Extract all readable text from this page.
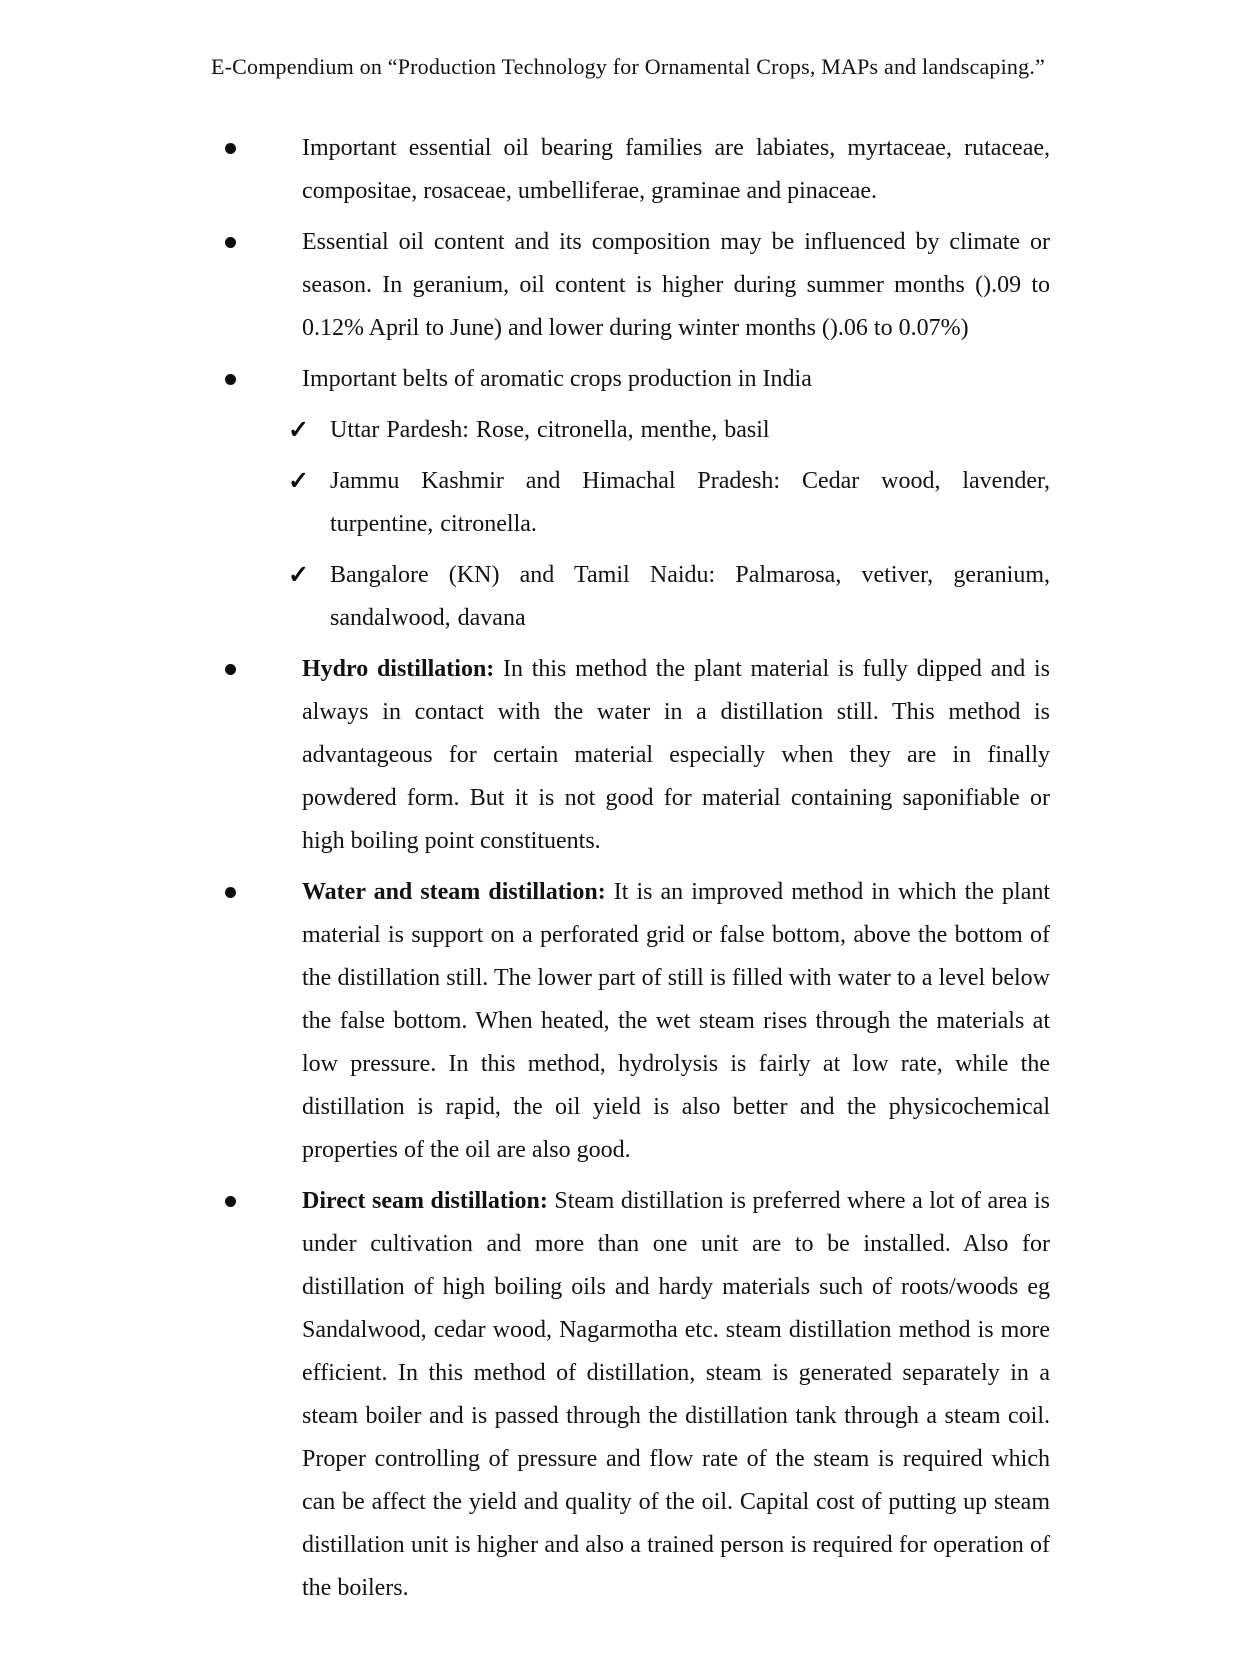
E-Compendium on “Production Technology for Ornamental Crops, MAPs and landscaping.”

Important essential oil bearing families are labiates, myrtaceae, rutaceae, compositae, rosaceae, umbelliferae, graminae and pinaceae.

Essential oil content and its composition may be influenced by climate or season. In geranium, oil content is higher during summer months ().09 to 0.12% April to June) and lower during winter months ().06 to 0.07%)

Important belts of aromatic crops production in India

✓ Uttar Pardesh: Rose, citronella, menthe, basil

✓ Jammu Kashmir and Himachal Pradesh: Cedar wood, lavender, turpentine, citronella.

✓ Bangalore (KN) and Tamil Naidu: Palmarosa, vetiver, geranium, sandalwood, davana

Hydro distillation: In this method the plant material is fully dipped and is always in contact with the water in a distillation still. This method is advantageous for certain material especially when they are in finally powdered form. But it is not good for material containing saponifiable or high boiling point constituents.

Water and steam distillation: It is an improved method in which the plant material is support on a perforated grid or false bottom, above the bottom of the distillation still. The lower part of still is filled with water to a level below the false bottom. When heated, the wet steam rises through the materials at low pressure. In this method, hydrolysis is fairly at low rate, while the distillation is rapid, the oil yield is also better and the physicochemical properties of the oil are also good.

Direct seam distillation: Steam distillation is preferred where a lot of area is under cultivation and more than one unit are to be installed. Also for distillation of high boiling oils and hardy materials such of roots/woods eg Sandalwood, cedar wood, Nagarmotha etc. steam distillation method is more efficient. In this method of distillation, steam is generated separately in a steam boiler and is passed through the distillation tank through a steam coil. Proper controlling of pressure and flow rate of the steam is required which can be affect the yield and quality of the oil. Capital cost of putting up steam distillation unit is higher and also a trained person is required for operation of the boilers.
